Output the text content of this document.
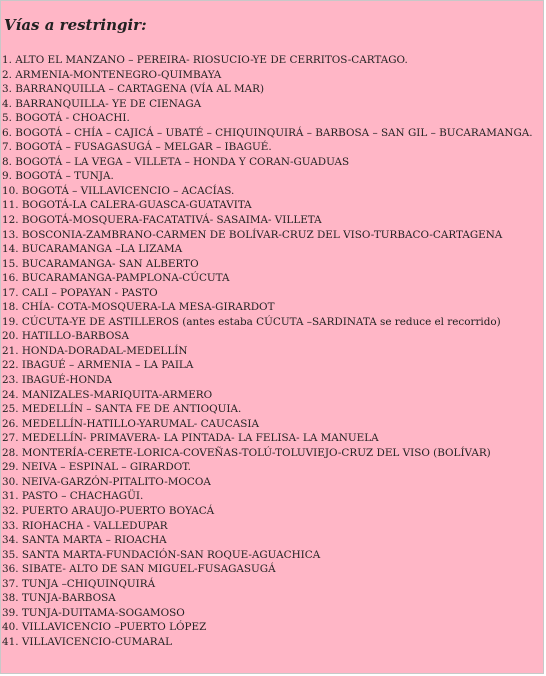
Vías a restringir:
1. ALTO EL MANZANO – PEREIRA- RIOSUCIO-YE DE CERRITOS-CARTAGO.
2. ARMENIA-MONTENEGRO-QUIMBAYA
3. BARRANQUILLA – CARTAGENA (VÍA AL MAR)
4. BARRANQUILLA- YE DE CIENAGA
5. BOGOTÁ - CHOACHI.
6. BOGOTÁ – CHÍA – CAJICÁ – UBATÉ – CHIQUINQUIRÁ – BARBOSA – SAN GIL – BUCARAMANGA.
7. BOGOTÁ – FUSAGASUGÁ – MELGAR – IBAGUÉ.
8. BOGOTÁ – LA VEGA – VILLETA – HONDA Y CORAN-GUADUAS
9. BOGOTÁ – TUNJA.
10. BOGOTÁ – VILLAVICENCIO – ACACÍAS.
11. BOGOTÁ-LA CALERA-GUASCA-GUATAVITA
12. BOGOTÁ-MOSQUERA-FACATATIVÁ- SASAIMA- VILLETA
13. BOSCONIA-ZAMBRANO-CARMEN DE BOLÍVAR-CRUZ DEL VISO-TURBACO-CARTAGENA
14. BUCARAMANGA –LA LIZAMA
15. BUCARAMANGA- SAN ALBERTO
16. BUCARAMANGA-PAMPLONA-CÚCUTA
17. CALI – POPAYAN - PASTO
18. CHÍA- COTA-MOSQUERA-LA MESA-GIRARDOT
19. CÚCUTA-YE DE ASTILLEROS (antes estaba CÚCUTA –SARDINATA se reduce el recorrido)
20. HATILLO-BARBOSA
21. HONDA-DORADAL-MEDELLÍN
22. IBAGUÉ – ARMENIA – LA PAILA
23. IBAGUÉ-HONDA
24. MANIZALES-MARIQUITA-ARMERO
25. MEDELLÍN – SANTA FE DE ANTIOQUIA.
26. MEDELLÍN-HATILLO-YARUMAL- CAUCASIA
27. MEDELLÍN- PRIMAVERA- LA PINTADA- LA FELISA- LA MANUELA
28. MONTERÍA-CERETE-LORICA-COVEÑAS-TOLÚ-TOLUVIEJO-CRUZ DEL VISO (BOLÍVAR)
29. NEIVA – ESPINAL – GIRARDOT.
30. NEIVA-GARZÓN-PITALITO-MOCOA
31. PASTO – CHACHAGÜI.
32. PUERTO ARAUJO-PUERTO BOYACÁ
33. RIOHACHA - VALLEDUPAR
34. SANTA MARTA – RIOACHA
35. SANTA MARTA-FUNDACIÓN-SAN ROQUE-AGUACHICA
36. SIBATE- ALTO DE SAN MIGUEL-FUSAGASUGÁ
37. TUNJA –CHIQUINQUIRÁ
38. TUNJA-BARBOSA
39. TUNJA-DUITAMA-SOGAMOSO
40. VILLAVICENCIO –PUERTO LÓPEZ
41. VILLAVICENCIO-CUMARAL
